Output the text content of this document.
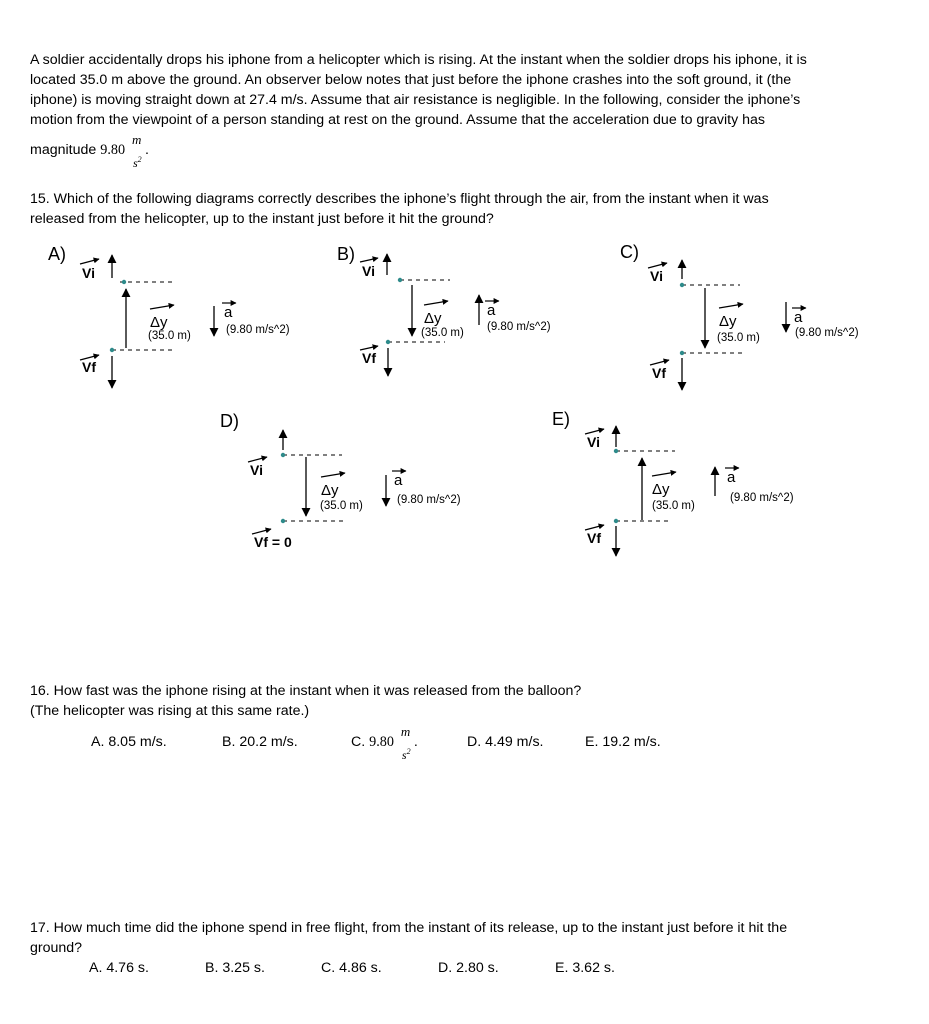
A soldier accidentally drops his iphone from a helicopter which is rising. At the instant when the soldier drops his iphone, it is
located 35.0 m above the ground. An observer below notes that just before the iphone crashes into the soft ground, it (the
iphone) is moving straight down at 27.4 m/s. Assume that air resistance is negligible. In the following, consider the iphone’s
motion from the viewpoint of a person standing at rest on the ground. Assume that the acceleration due to gravity has
magnitude 9.80
m
$s^2$
.
15. Which of the following diagrams correctly describes the iphone’s flight through the air, from the instant when it was
released from the helicopter, up to the instant just before it hit the ground?
A)
Vi
Δy
(35.0 m)
a
(9.80 m/s^2)
Vf
B)
Vi
Δy
(35.0 m)
a
(9.80 m/s^2)
Vf
C)
Vi
Δy
(35.0 m)
a
(9.80 m/s^2)
Vf
D)
Vi
Δy
(35.0 m)
a
(9.80 m/s^2)
Vf = 0
E)
Vi
Δy
(35.0 m)
a
(9.80 m/s^2)
Vf
16. How fast was the iphone rising at the instant when it was released from the balloon?
(The helicopter was rising at this same rate.)
A. 8.05 m/s.	B. 20.2 m/s.	C. 9.80
m
$s^2$
.	D. 4.49 m/s.	E. 19.2 m/s.
17. How much time did the iphone spend in free flight, from the instant of its release, up to the instant just before it hit the
ground?
A. 4.76 s.	B. 3.25 s.	C. 4.86 s.	D. 2.80 s.	E. 3.62 s.
